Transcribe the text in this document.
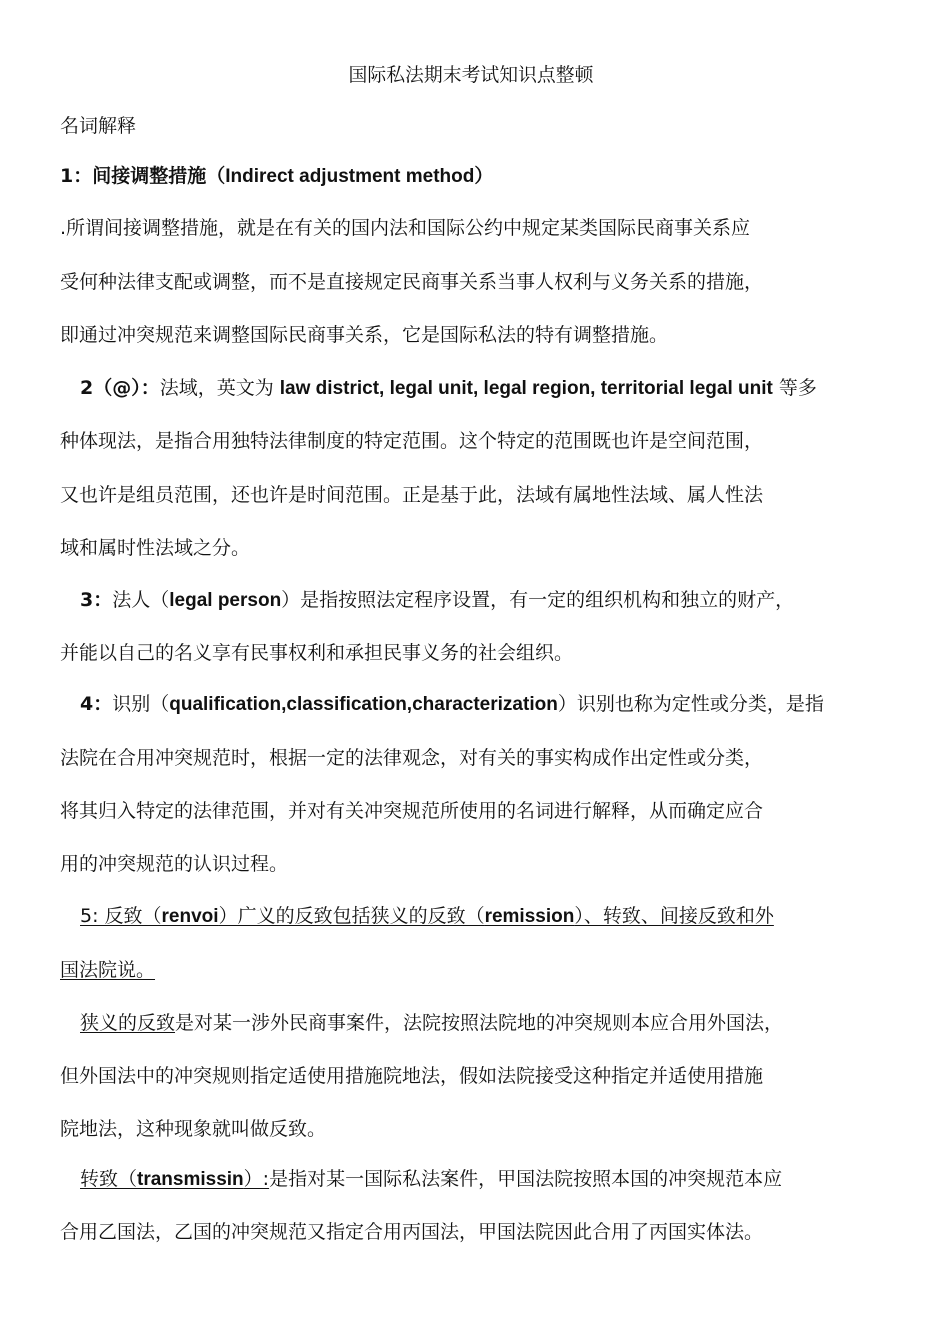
国际私法期末考试知识点整顿
名词解释
1：间接调整措施（Indirect adjustment method）
.所谓间接调整措施，就是在有关的国内法和国际公约中规定某类国际民商事关系应
受何种法律支配或调整，而不是直接规定民商事关系当事人权利与义务关系的措施，
即通过冲突规范来调整国际民商事关系，它是国际私法的特有调整措施。
2（@）：法域，英文为 law district, legal unit, legal region, territorial legal unit 等多
种体现法，是指合用独特法律制度的特定范围。这个特定的范围既也许是空间范围，
又也许是组员范围，还也许是时间范围。正是基于此，法域有属地性法域、属人性法
域和属时性法域之分。
3：法人（legal person）是指按照法定程序设置，有一定的组织机构和独立的财产，
并能以自己的名义享有民事权利和承担民事义务的社会组织。
4：识别（qualification,classification,characterization）识别也称为定性或分类，是指
法院在合用冲突规范时，根据一定的法律观念，对有关的事实构成作出定性或分类，
将其归入特定的法律范围，并对有关冲突规范所使用的名词进行解释，从而确定应合
用的冲突规范的认识过程。
5: 反致（renvoi）广义的反致包括狭义的反致（remission）、转致、间接反致和外
国法院说。
狭义的反致是对某一涉外民商事案件，法院按照法院地的冲突规则本应合用外国法，
但外国法中的冲突规则指定适使用措施院地法，假如法院接受这种指定并适使用措施
院地法，这种现象就叫做反致。
转致（transmissin）:是指对某一国际私法案件，甲国法院按照本国的冲突规范本应
合用乙国法，乙国的冲突规范又指定合用丙国法，甲国法院因此合用了丙国实体法。
